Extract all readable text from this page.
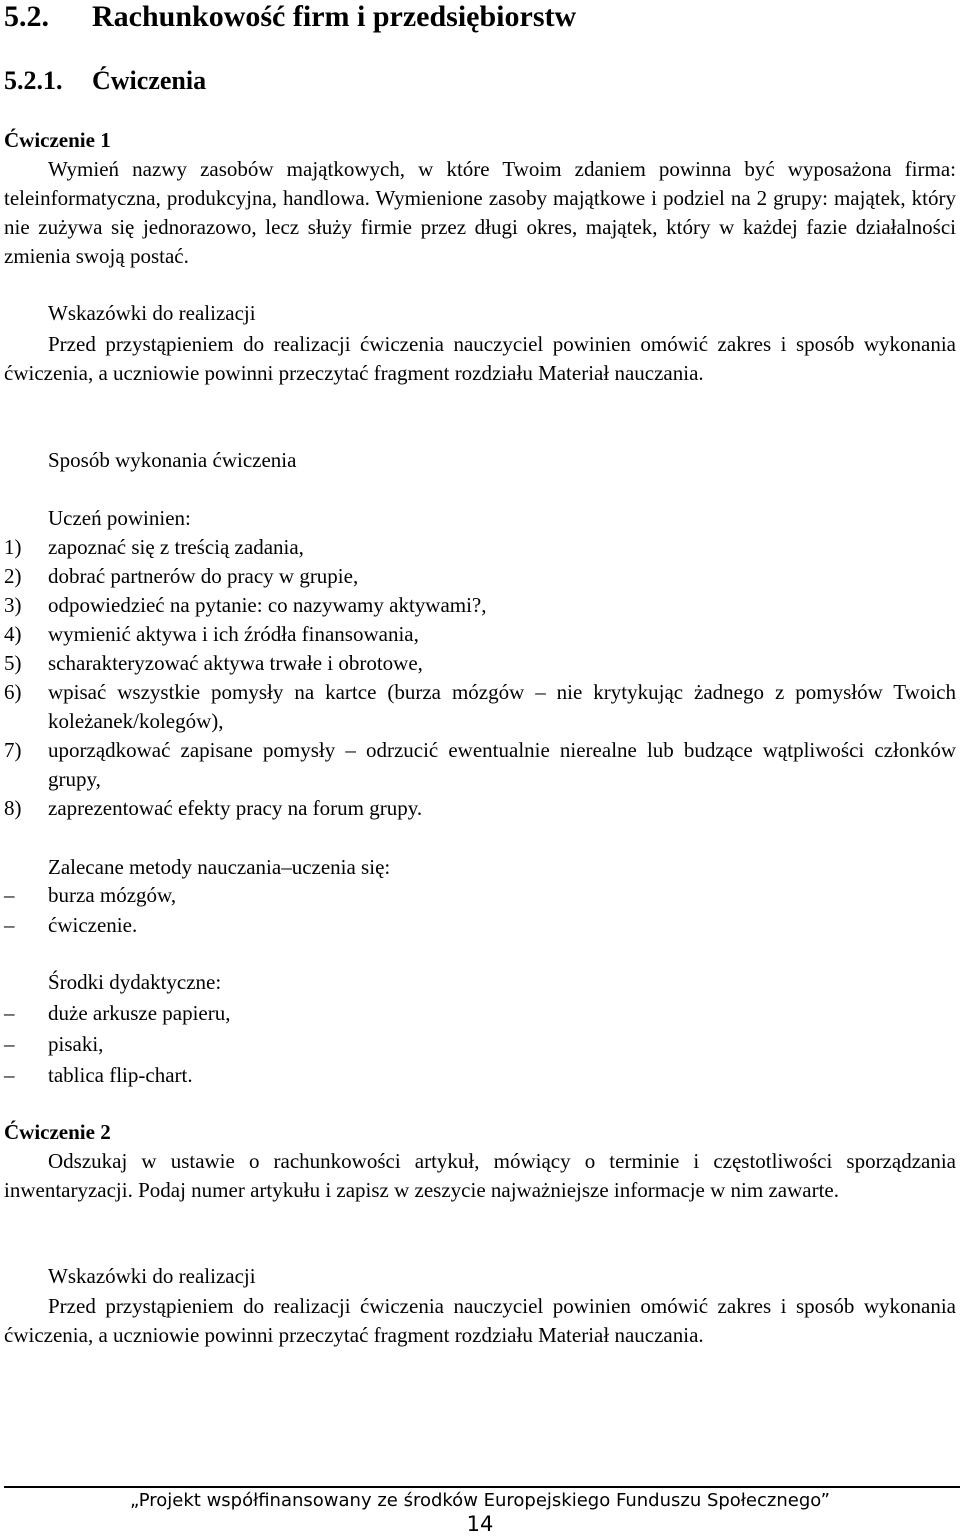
5.2. Rachunkowość firm i przedsiębiorstw
5.2.1. Ćwiczenia
Ćwiczenie 1
Wymień nazwy zasobów majątkowych, w które Twoim zdaniem powinna być wyposażona firma: teleinformatyczna, produkcyjna, handlowa. Wymienione zasoby majątkowe i podziel na 2 grupy: majątek, który nie zużywa się jednorazowo, lecz służy firmie przez długi okres, majątek, który w każdej fazie działalności zmienia swoją postać.
Wskazówki do realizacji
Przed przystąpieniem do realizacji ćwiczenia nauczyciel powinien omówić zakres i sposób wykonania ćwiczenia, a uczniowie powinni przeczytać fragment rozdziału Materiał nauczania.
Sposób wykonania ćwiczenia
Uczeń powinien:
1) zapoznać się z treścią zadania,
2) dobrać partnerów do pracy w grupie,
3) odpowiedzieć na pytanie: co nazywamy aktywami?,
4) wymienić aktywa i ich źródła finansowania,
5) scharakteryzować aktywa trwałe i obrotowe,
6) wpisać wszystkie pomysły na kartce (burza mózgów – nie krytykując żadnego z pomysłów Twoich koleżanek/kolegów),
7) uporządkować zapisane pomysły – odrzucić ewentualnie nierealne lub budzące wątpliwości członków grupy,
8) zaprezentować efekty pracy na forum grupy.
Zalecane metody nauczania–uczenia się:
– burza mózgów,
– ćwiczenie.
Środki dydaktyczne:
– duże arkusze papieru,
– pisaki,
– tablica flip-chart.
Ćwiczenie 2
Odszukaj w ustawie o rachunkowości artykuł, mówiący o terminie i częstotliwości sporządzania inwentaryzacji. Podaj numer artykułu i zapisz w zeszycie najważniejsze informacje w nim zawarte.
Wskazówki do realizacji
Przed przystąpieniem do realizacji ćwiczenia nauczyciel powinien omówić zakres i sposób wykonania ćwiczenia, a uczniowie powinni przeczytać fragment rozdziału Materiał nauczania.
„Projekt współfinansowany ze środków Europejskiego Funduszu Społecznego”
14
